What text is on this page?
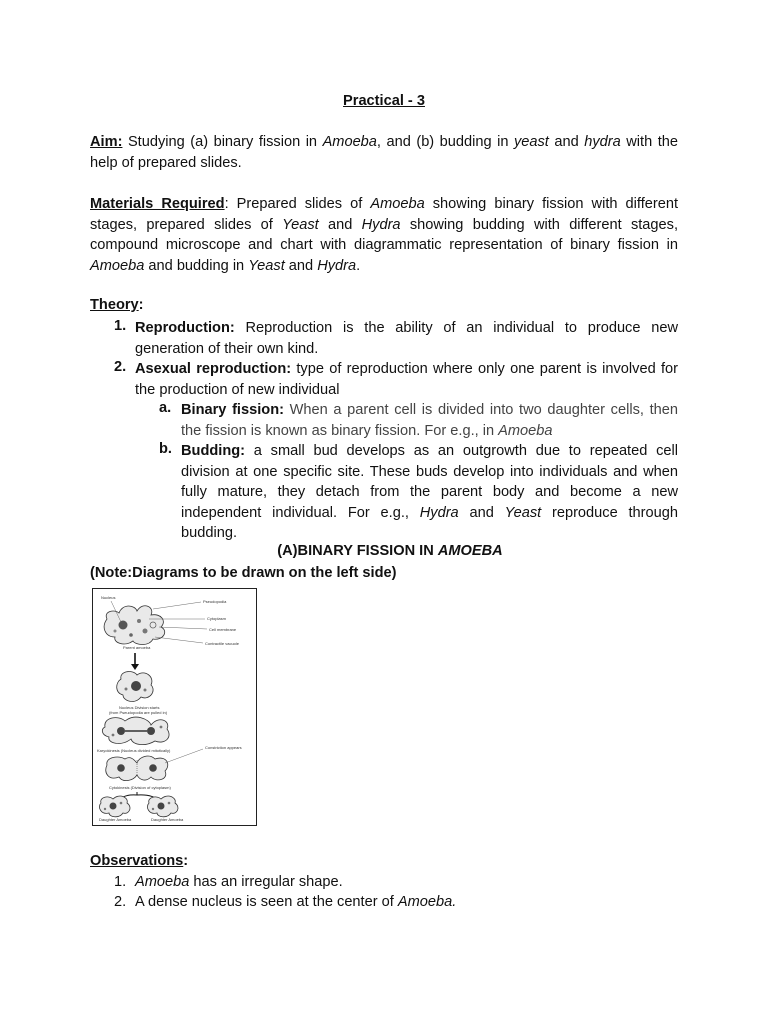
Practical - 3

Aim: Studying (a) binary fission in Amoeba, and (b) budding in yeast and hydra with the help of prepared slides.

Materials Required: Prepared slides of Amoeba showing binary fission with different stages, prepared slides of Yeast and Hydra showing budding with different stages, compound microscope and chart with diagrammatic representation of binary fission in Amoeba and budding in Yeast and Hydra.

Theory:
1. Reproduction: Reproduction is the ability of an individual to produce new generation of their own kind.

2. Asexual reproduction: type of reproduction where only one parent is involved for the production of new individual

a. Binary fission: When a parent cell is divided into two daughter cells, then the fission is known as binary fission. For e.g., in Amoeba

b. Budding: a small bud develops as an outgrowth due to repeated cell division at one specific site. These buds develop into individuals and when fully mature, they detach from the parent body and become a new independent individual. For e.g., Hydra and Yeast reproduce through budding.

(A)BINARY FISSION IN AMOEBA
(Note:Diagrams to be drawn on the left side)
Nucleus
Pseudopodia
Cytoplasm
Cell membrane
Contractile vacuole
Parent amoeba
Nucleus Division starts
(from Pseudopodia are pulled in)
Karyokinesis (Nucleus divided mitotically)
Constriction appears
Cytokinesis (Division of cytoplasm)
Daughter Amoeba	Daughter Amoeba
Observations:
1. Amoeba has an irregular shape.
2. A dense nucleus is seen at the center of Amoeba.
